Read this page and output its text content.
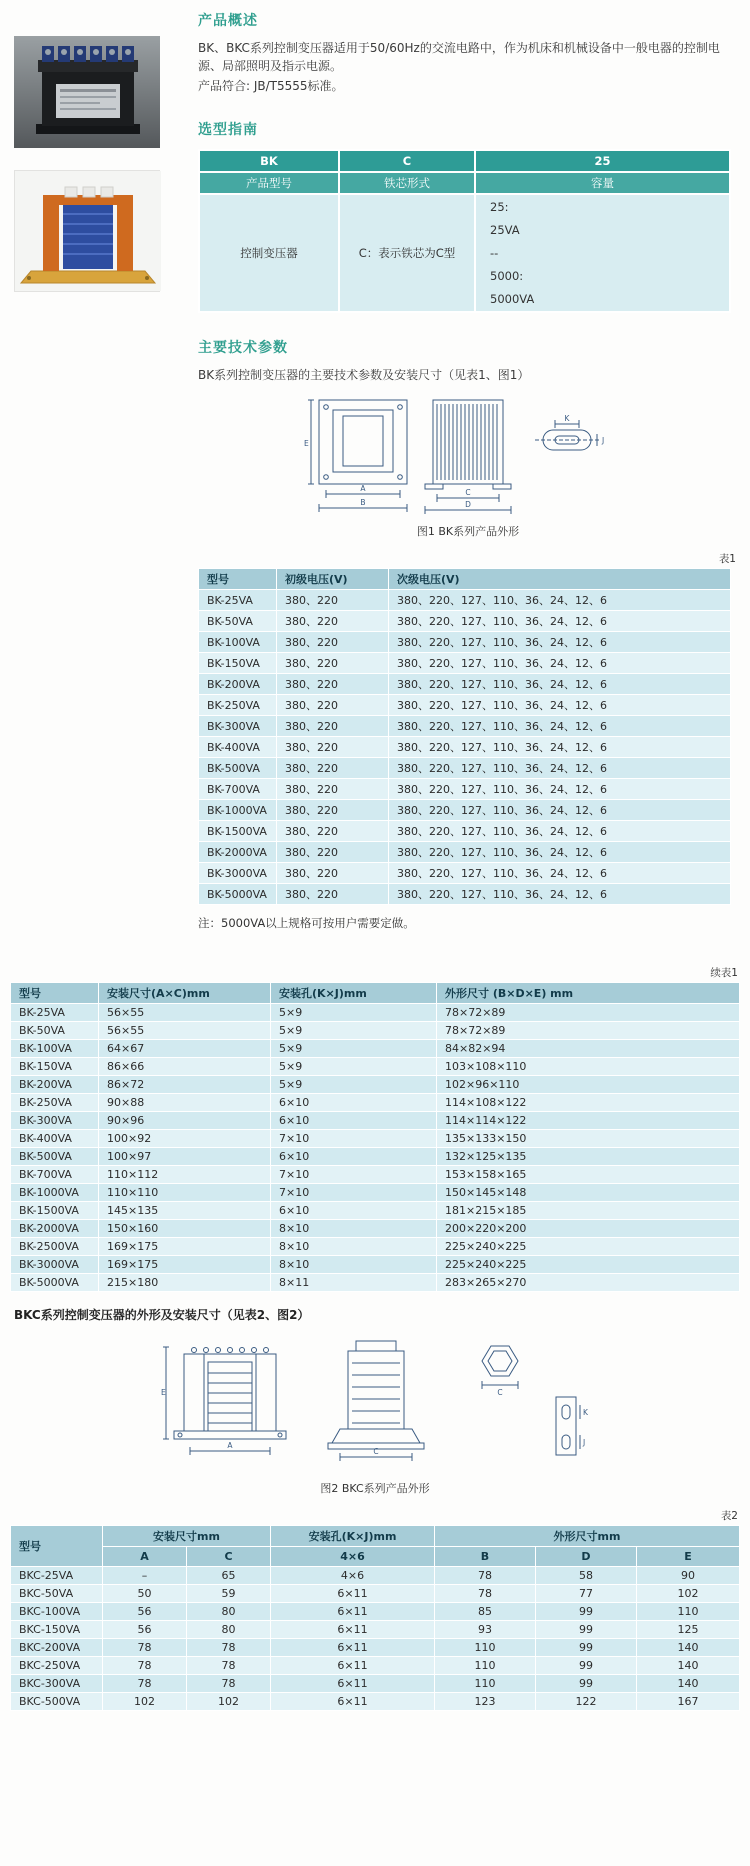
产品概述

BK、BKC系列控制变压器适用于50/60Hz的交流电路中，作为机床和机械设备中一般电器的控制电源、局部照明及指示电源。

产品符合: JB/T5555标准。

选型指南
BK	C	25
产品型号	铁芯形式	容量
控制变压器	C：表示铁芯为C型	25:
25VA
--
5000:
5000VA
主要技术参数

BK系列控制变压器的主要技术参数及安装尺寸（见表1、图1）

A
B
E
C
D
K
J
图1 BK系列产品外形
表1
型号	初级电压(V)	次级电压(V)
BK-25VA	380、220	380、220、127、110、36、24、12、6
BK-50VA	380、220	380、220、127、110、36、24、12、6
BK-100VA	380、220	380、220、127、110、36、24、12、6
BK-150VA	380、220	380、220、127、110、36、24、12、6
BK-200VA	380、220	380、220、127、110、36、24、12、6
BK-250VA	380、220	380、220、127、110、36、24、12、6
BK-300VA	380、220	380、220、127、110、36、24、12、6
BK-400VA	380、220	380、220、127、110、36、24、12、6
BK-500VA	380、220	380、220、127、110、36、24、12、6
BK-700VA	380、220	380、220、127、110、36、24、12、6
BK-1000VA	380、220	380、220、127、110、36、24、12、6
BK-1500VA	380、220	380、220、127、110、36、24、12、6
BK-2000VA	380、220	380、220、127、110、36、24、12、6
BK-3000VA	380、220	380、220、127、110、36、24、12、6
BK-5000VA	380、220	380、220、127、110、36、24、12、6

注：5000VA以上规格可按用户需要定做。

续表1
型号	安装尺寸(A×C)mm	安装孔(K×J)mm	外形尺寸 (B×D×E) mm
BK-25VA	56×55	5×9	78×72×89
BK-50VA	56×55	5×9	78×72×89
BK-100VA	64×67	5×9	84×82×94
BK-150VA	86×66	5×9	103×108×110
BK-200VA	86×72	5×9	102×96×110
BK-250VA	90×88	6×10	114×108×122
BK-300VA	90×96	6×10	114×114×122
BK-400VA	100×92	7×10	135×133×150
BK-500VA	100×97	6×10	132×125×135
BK-700VA	110×112	7×10	153×158×165
BK-1000VA	110×110	7×10	150×145×148
BK-1500VA	145×135	6×10	181×215×185
BK-2000VA	150×160	8×10	200×220×200
BK-2500VA	169×175	8×10	225×240×225
BK-3000VA	169×175	8×10	225×240×225
BK-5000VA	215×180	8×11	283×265×270

BKC系列控制变压器的外形及安装尺寸（见表2、图2）

A
E
C
C
K
J
图2 BKC系列产品外形
表2
型号	安装尺寸mm		安装孔(K×J)mm	外形尺寸mm		
	A	C	4×6	B	D	E
BKC-25VA	–	65	4×6	78	58	90
BKC-50VA	50	59	6×11	78	77	102
BKC-100VA	56	80	6×11	85	99	110
BKC-150VA	56	80	6×11	93	99	125
BKC-200VA	78	78	6×11	110	99	140
BKC-250VA	78	78	6×11	110	99	140
BKC-300VA	78	78	6×11	110	99	140
BKC-500VA	102	102	6×11	123	122	167
